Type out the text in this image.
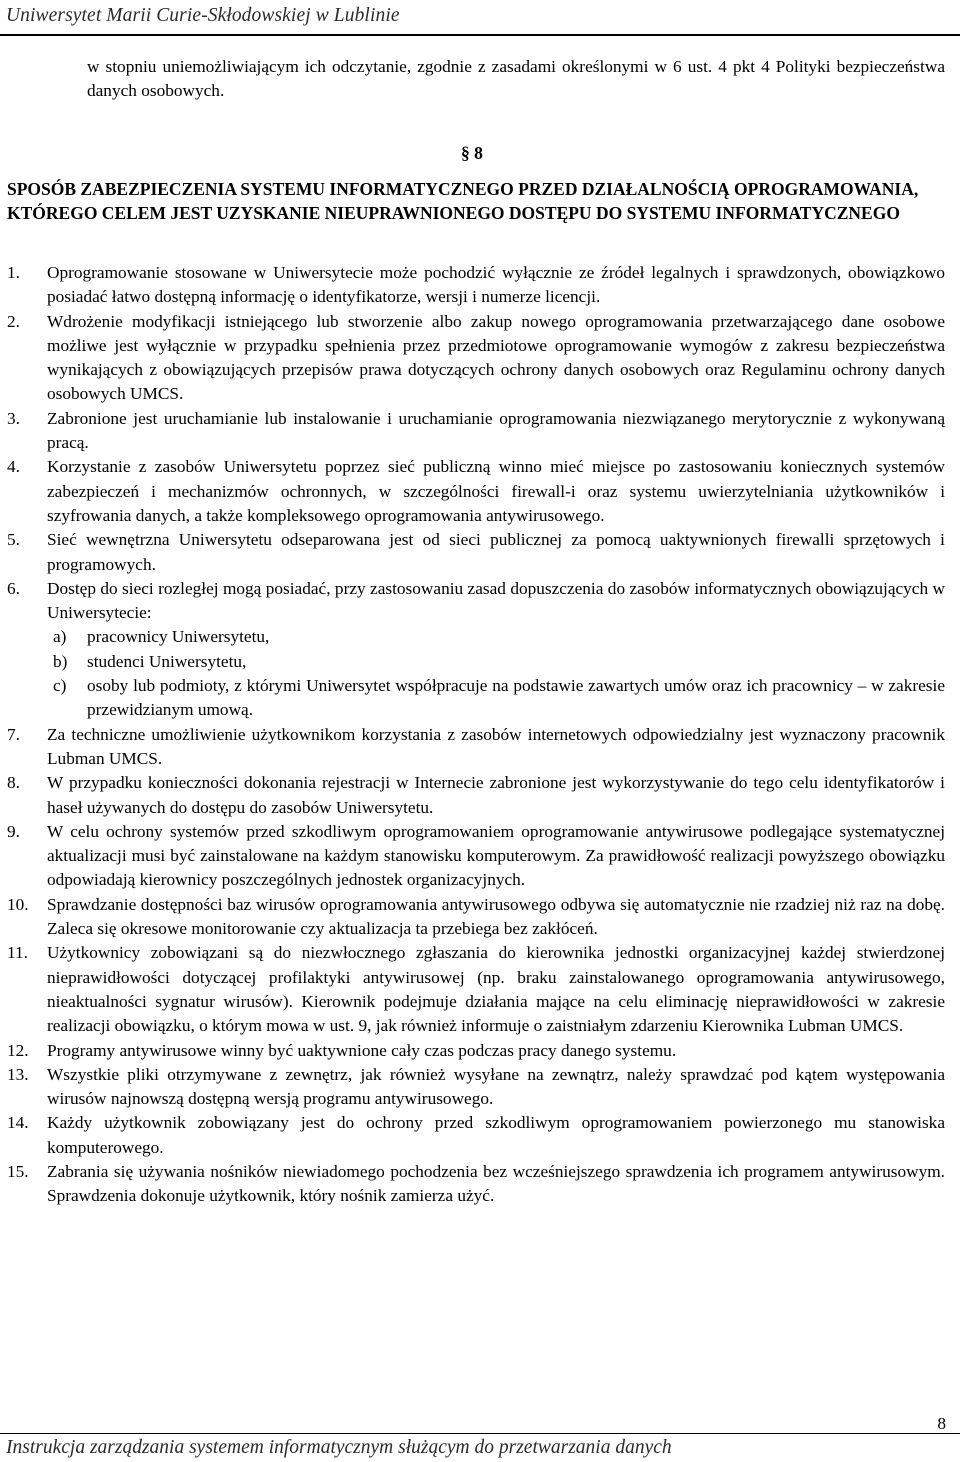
Uniwersytet Marii Curie-Skłodowskiej w Lublinie
w stopniu uniemożliwiającym ich odczytanie, zgodnie z zasadami określonymi w 6 ust. 4 pkt 4 Polityki bezpieczeństwa danych osobowych.
§ 8
SPOSÓB ZABEZPIECZENIA SYSTEMU INFORMATYCZNEGO PRZED DZIAŁALNOŚCIĄ OPROGRAMOWANIA, KTÓREGO CELEM JEST UZYSKANIE NIEUPRAWNIONEGO DOSTĘPU DO SYSTEMU INFORMATYCZNEGO
1. Oprogramowanie stosowane w Uniwersytecie może pochodzić wyłącznie ze źródeł legalnych i sprawdzonych, obowiązkowo posiadać łatwo dostępną informację o identyfikatorze, wersji i numerze licencji.
2. Wdrożenie modyfikacji istniejącego lub stworzenie albo zakup nowego oprogramowania przetwarzającego dane osobowe możliwe jest wyłącznie w przypadku spełnienia przez przedmiotowe oprogramowanie wymogów z zakresu bezpieczeństwa wynikających z obowiązujących przepisów prawa dotyczących ochrony danych osobowych oraz Regulaminu ochrony danych osobowych UMCS.
3. Zabronione jest uruchamianie lub instalowanie i uruchamianie oprogramowania niezwiązanego merytorycznie z wykonywaną pracą.
4. Korzystanie z zasobów Uniwersytetu poprzez sieć publiczną winno mieć miejsce po zastosowaniu koniecznych systemów zabezpieczeń i mechanizmów ochronnych, w szczególności firewall-i oraz systemu uwierzytelniania użytkowników i szyfrowania danych, a także kompleksowego oprogramowania antywirusowego.
5. Sieć wewnętrzna Uniwersytetu odseparowana jest od sieci publicznej za pomocą uaktywnionych firewalli sprzętowych i programowych.
6. Dostęp do sieci rozległej mogą posiadać, przy zastosowaniu zasad dopuszczenia do zasobów informatycznych obowiązujących w Uniwersytecie:
a) pracownicy Uniwersytetu,
b) studenci Uniwersytetu,
c) osoby lub podmioty, z którymi Uniwersytet współpracuje na podstawie zawartych umów oraz ich pracownicy – w zakresie przewidzianym umową.
7. Za techniczne umożliwienie użytkownikom korzystania z zasobów internetowych odpowiedzialny jest wyznaczony pracownik Lubman UMCS.
8. W przypadku konieczności dokonania rejestracji w Internecie zabronione jest wykorzystywanie do tego celu identyfikatorów i haseł używanych do dostępu do zasobów Uniwersytetu.
9. W celu ochrony systemów przed szkodliwym oprogramowaniem oprogramowanie antywirusowe podlegające systematycznej aktualizacji musi być zainstalowane na każdym stanowisku komputerowym. Za prawidłowość realizacji powyższego obowiązku odpowiadają kierownicy poszczególnych jednostek organizacyjnych.
10. Sprawdzanie dostępności baz wirusów oprogramowania antywirusowego odbywa się automatycznie nie rzadziej niż raz na dobę. Zaleca się okresowe monitorowanie czy aktualizacja ta przebiega bez zakłóceń.
11. Użytkownicy zobowiązani są do niezwłocznego zgłaszania do kierownika jednostki organizacyjnej każdej stwierdzonej nieprawidłowości dotyczącej profilaktyki antywirusowej (np. braku zainstalowanego oprogramowania antywirusowego, nieaktualności sygnatur wirusów). Kierownik podejmuje działania mające na celu eliminację nieprawidłowości w zakresie realizacji obowiązku, o którym mowa w ust. 9, jak również informuje o zaistniałym zdarzeniu Kierownika Lubman UMCS.
12. Programy antywirusowe winny być uaktywnione cały czas podczas pracy danego systemu.
13. Wszystkie pliki otrzymywane z zewnętrz, jak również wysyłane na zewnątrz, należy sprawdzać pod kątem występowania wirusów najnowszą dostępną wersją programu antywirusowego.
14. Każdy użytkownik zobowiązany jest do ochrony przed szkodliwym oprogramowaniem powierzonego mu stanowiska komputerowego.
15. Zabrania się używania nośników niewiadomego pochodzenia bez wcześniejszego sprawdzenia ich programem antywirusowym. Sprawdzenia dokonuje użytkownik, który nośnik zamierza użyć.
8
Instrukcja zarządzania systemem informatycznym służącym do przetwarzania danych
